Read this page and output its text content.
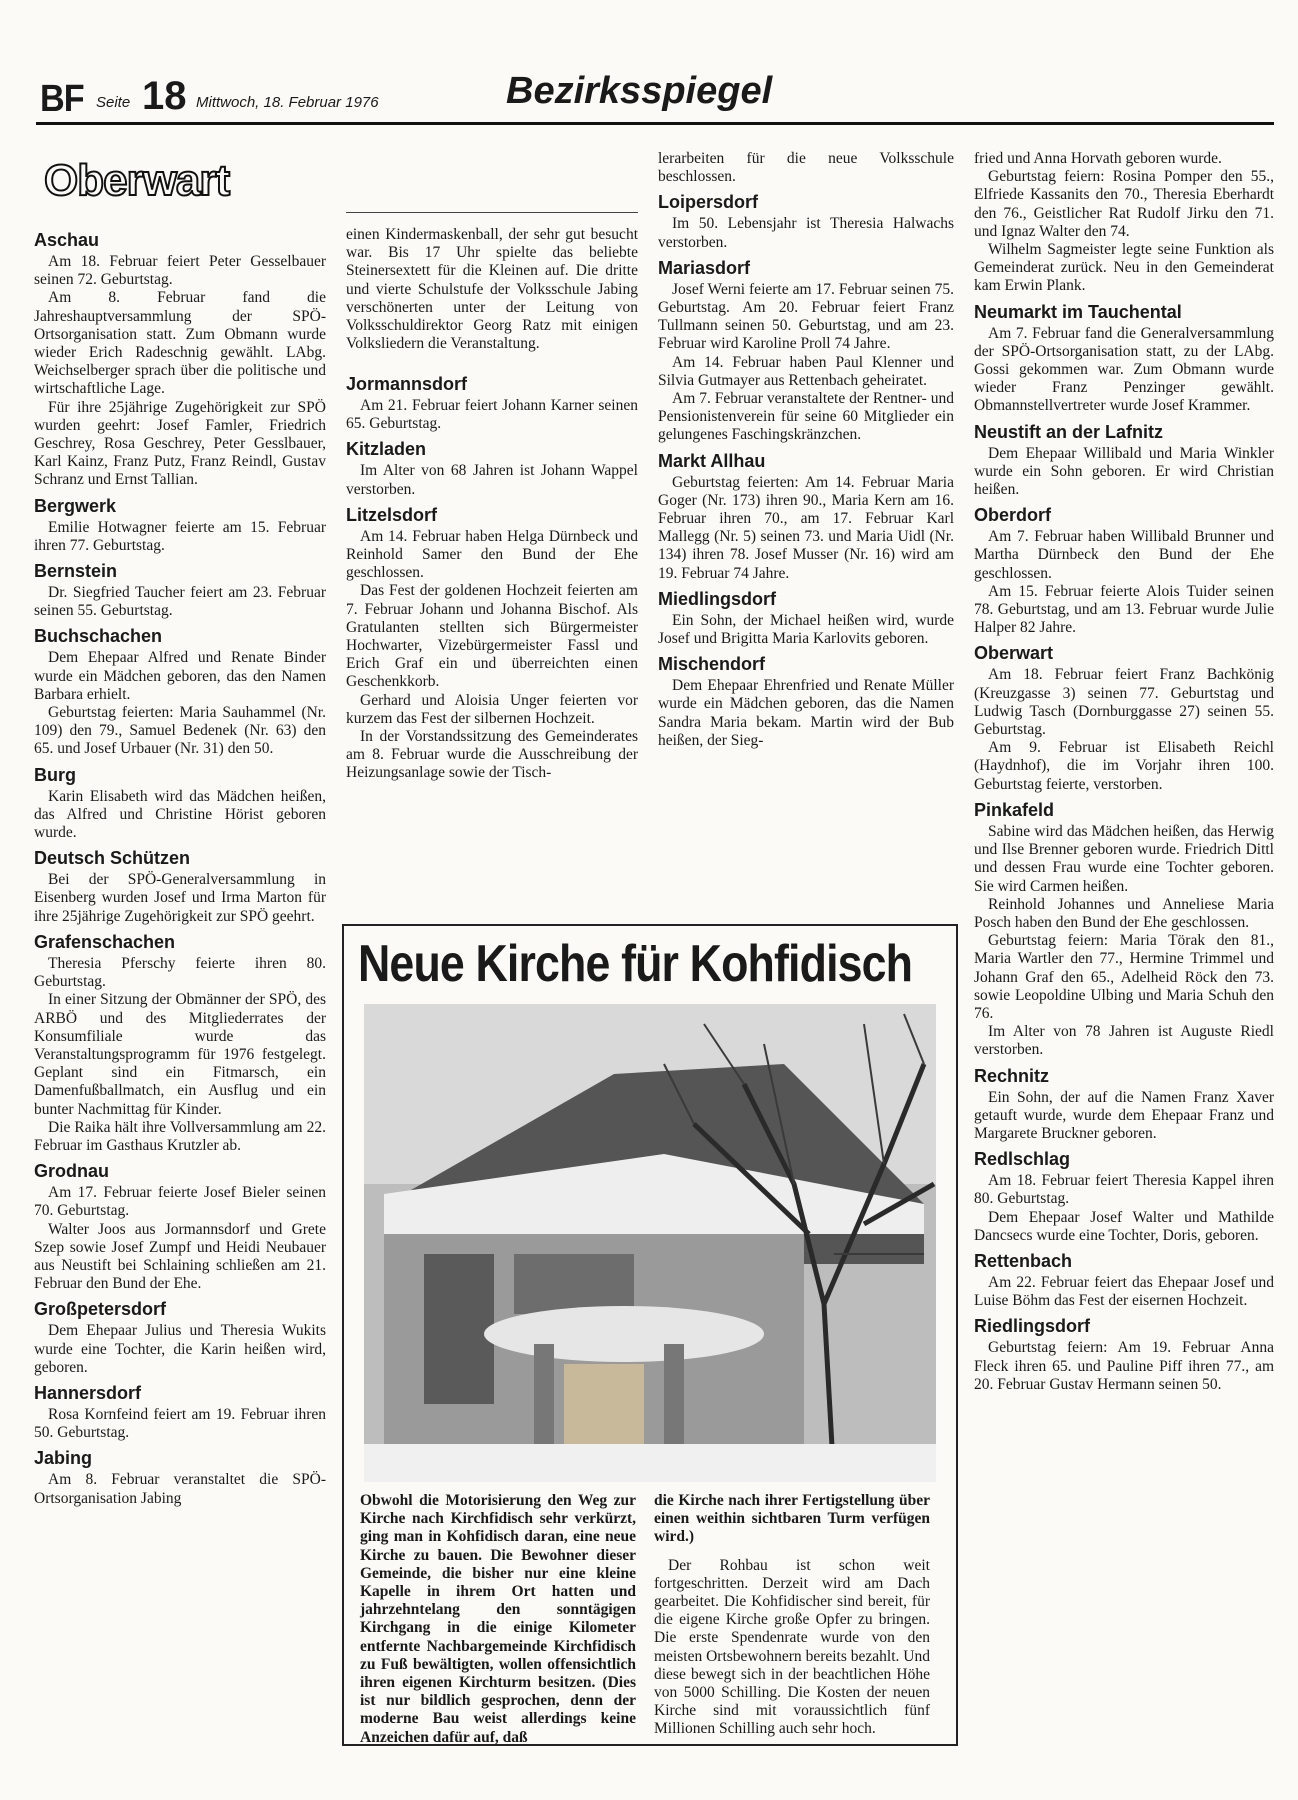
BF Seite 18 Mittwoch, 18. Februar 1976	Bezirksspiegel
Oberwart
Aschau

Am 18. Februar feiert Peter Gesselbauer seinen 72. Geburtstag.

Am 8. Februar fand die Jahreshauptversammlung der SPÖ-Ortsorganisation statt. Zum Obmann wurde wieder Erich Radeschnig gewählt. LAbg. Weichselberger sprach über die politische und wirtschaftliche Lage.

Für ihre 25jährige Zugehörigkeit zur SPÖ wurden geehrt: Josef Famler, Friedrich Geschrey, Rosa Geschrey, Peter Gesslbauer, Karl Kainz, Franz Putz, Franz Reindl, Gustav Schranz und Ernst Tallian.

Bergwerk

Emilie Hotwagner feierte am 15. Februar ihren 77. Geburtstag.

Bernstein

Dr. Siegfried Taucher feiert am 23. Februar seinen 55. Geburtstag.

Buchschachen

Dem Ehepaar Alfred und Renate Binder wurde ein Mädchen geboren, das den Namen Barbara erhielt.

Geburtstag feierten: Maria Sauhammel (Nr. 109) den 79., Samuel Bedenek (Nr. 63) den 65. und Josef Urbauer (Nr. 31) den 50.

Burg

Karin Elisabeth wird das Mädchen heißen, das Alfred und Christine Hörist geboren wurde.

Deutsch Schützen

Bei der SPÖ-Generalversammlung in Eisenberg wurden Josef und Irma Marton für ihre 25jährige Zugehörigkeit zur SPÖ geehrt.

Grafenschachen

Theresia Pferschy feierte ihren 80. Geburtstag.

In einer Sitzung der Obmänner der SPÖ, des ARBÖ und des Mitgliederrates der Konsumfiliale wurde das Veranstaltungsprogramm für 1976 festgelegt. Geplant sind ein Fitmarsch, ein Damenfußballmatch, ein Ausflug und ein bunter Nachmittag für Kinder.

Die Raika hält ihre Vollversammlung am 22. Februar im Gasthaus Krutzler ab.

Grodnau

Am 17. Februar feierte Josef Bieler seinen 70. Geburtstag.

Walter Joos aus Jormannsdorf und Grete Szep sowie Josef Zumpf und Heidi Neubauer aus Neustift bei Schlaining schließen am 21. Februar den Bund der Ehe.

Großpetersdorf

Dem Ehepaar Julius und Theresia Wukits wurde eine Tochter, die Karin heißen wird, geboren.

Hannersdorf

Rosa Kornfeind feiert am 19. Februar ihren 50. Geburtstag.

Jabing

Am 8. Februar veranstaltet die SPÖ-Ortsorganisation Jabing

einen Kindermaskenball, der sehr gut besucht war. Bis 17 Uhr spielte das beliebte Steinersextett für die Kleinen auf. Die dritte und vierte Schulstufe der Volksschule Jabing verschönerten unter der Leitung von Volksschuldirektor Georg Ratz mit einigen Volksliedern die Veranstaltung.

Jormannsdorf

Am 21. Februar feiert Johann Karner seinen 65. Geburtstag.

Kitzladen

Im Alter von 68 Jahren ist Johann Wappel verstorben.

Litzelsdorf

Am 14. Februar haben Helga Dürnbeck und Reinhold Samer den Bund der Ehe geschlossen.

Das Fest der goldenen Hochzeit feierten am 7. Februar Johann und Johanna Bischof. Als Gratulanten stellten sich Bürgermeister Hochwarter, Vizebürgermeister Fassl und Erich Graf ein und überreichten einen Geschenkkorb.

Gerhard und Aloisia Unger feierten vor kurzem das Fest der silbernen Hochzeit.

In der Vorstandssitzung des Gemeinderates am 8. Februar wurde die Ausschreibung der Heizungsanlage sowie der Tisch-

lerarbeiten für die neue Volksschule beschlossen.

Loipersdorf

Im 50. Lebensjahr ist Theresia Halwachs verstorben.

Mariasdorf

Josef Werni feierte am 17. Februar seinen 75. Geburtstag. Am 20. Februar feiert Franz Tullmann seinen 50. Geburtstag, und am 23. Februar wird Karoline Proll 74 Jahre.

Am 14. Februar haben Paul Klenner und Silvia Gutmayer aus Rettenbach geheiratet.

Am 7. Februar veranstaltete der Rentner- und Pensionistenverein für seine 60 Mitglieder ein gelungenes Faschingskränzchen.

Markt Allhau

Geburtstag feierten: Am 14. Februar Maria Goger (Nr. 173) ihren 90., Maria Kern am 16. Februar ihren 70., am 17. Februar Karl Mallegg (Nr. 5) seinen 73. und Maria Uidl (Nr. 134) ihren 78. Josef Musser (Nr. 16) wird am 19. Februar 74 Jahre.

Miedlingsdorf

Ein Sohn, der Michael heißen wird, wurde Josef und Brigitta Maria Karlovits geboren.

Mischendorf

Dem Ehepaar Ehrenfried und Renate Müller wurde ein Mädchen geboren, das die Namen Sandra Maria bekam. Martin wird der Bub heißen, der Sieg-

fried und Anna Horvath geboren wurde.

Geburtstag feiern: Rosina Pomper den 55., Elfriede Kassanits den 70., Theresia Eberhardt den 76., Geistlicher Rat Rudolf Jirku den 71. und Ignaz Walter den 74.

Wilhelm Sagmeister legte seine Funktion als Gemeinderat zurück. Neu in den Gemeinderat kam Erwin Plank.

Neumarkt im Tauchental

Am 7. Februar fand die Generalversammlung der SPÖ-Ortsorganisation statt, zu der LAbg. Gossi gekommen war. Zum Obmann wurde wieder Franz Penzinger gewählt. Obmannstellvertreter wurde Josef Krammer.

Neustift an der Lafnitz

Dem Ehepaar Willibald und Maria Winkler wurde ein Sohn geboren. Er wird Christian heißen.

Oberdorf

Am 7. Februar haben Willibald Brunner und Martha Dürnbeck den Bund der Ehe geschlossen.

Am 15. Februar feierte Alois Tuider seinen 78. Geburtstag, und am 13. Februar wurde Julie Halper 82 Jahre.

Oberwart

Am 18. Februar feiert Franz Bachkönig (Kreuzgasse 3) seinen 77. Geburtstag und Ludwig Tasch (Dornburggasse 27) seinen 55. Geburtstag.

Am 9. Februar ist Elisabeth Reichl (Haydnhof), die im Vorjahr ihren 100. Geburtstag feierte, verstorben.

Pinkafeld

Sabine wird das Mädchen heißen, das Herwig und Ilse Brenner geboren wurde. Friedrich Dittl und dessen Frau wurde eine Tochter geboren. Sie wird Carmen heißen.

Reinhold Johannes und Anneliese Maria Posch haben den Bund der Ehe geschlossen.

Geburtstag feiern: Maria Törak den 81., Maria Wartler den 77., Hermine Trimmel und Johann Graf den 65., Adelheid Röck den 73. sowie Leopoldine Ulbing und Maria Schuh den 76.

Im Alter von 78 Jahren ist Auguste Riedl verstorben.

Rechnitz

Ein Sohn, der auf die Namen Franz Xaver getauft wurde, wurde dem Ehepaar Franz und Margarete Bruckner geboren.

Redlschlag

Am 18. Februar feiert Theresia Kappel ihren 80. Geburtstag.

Dem Ehepaar Josef Walter und Mathilde Dancsecs wurde eine Tochter, Doris, geboren.

Rettenbach

Am 22. Februar feiert das Ehepaar Josef und Luise Böhm das Fest der eisernen Hochzeit.

Riedlingsdorf

Geburtstag feiern: Am 19. Februar Anna Fleck ihren 65. und Pauline Piff ihren 77., am 20. Februar Gustav Hermann seinen 50.

Neue Kirche für Kohfidisch

Obwohl die Motorisierung den Weg zur Kirche nach Kirchfidisch sehr verkürzt, ging man in Kohfidisch daran, eine neue Kirche zu bauen. Die Bewohner dieser Gemeinde, die bisher nur eine kleine Kapelle in ihrem Ort hatten und jahrzehntelang den sonntägigen Kirchgang in die einige Kilometer entfernte Nachbargemeinde Kirchfidisch zu Fuß bewältigten, wollen offensichtlich ihren eigenen Kirchturm besitzen. (Dies ist nur bildlich gesprochen, denn der moderne Bau weist allerdings keine Anzeichen dafür auf, daß

die Kirche nach ihrer Fertigstellung über einen weithin sichtbaren Turm verfügen wird.)

Der Rohbau ist schon weit fortgeschritten. Derzeit wird am Dach gearbeitet. Die Kohfidischer sind bereit, für die eigene Kirche große Opfer zu bringen. Die erste Spendenrate wurde von den meisten Ortsbewohnern bereits bezahlt. Und diese bewegt sich in der beachtlichen Höhe von 5000 Schilling. Die Kosten der neuen Kirche sind mit voraussichtlich fünf Millionen Schilling auch sehr hoch.
